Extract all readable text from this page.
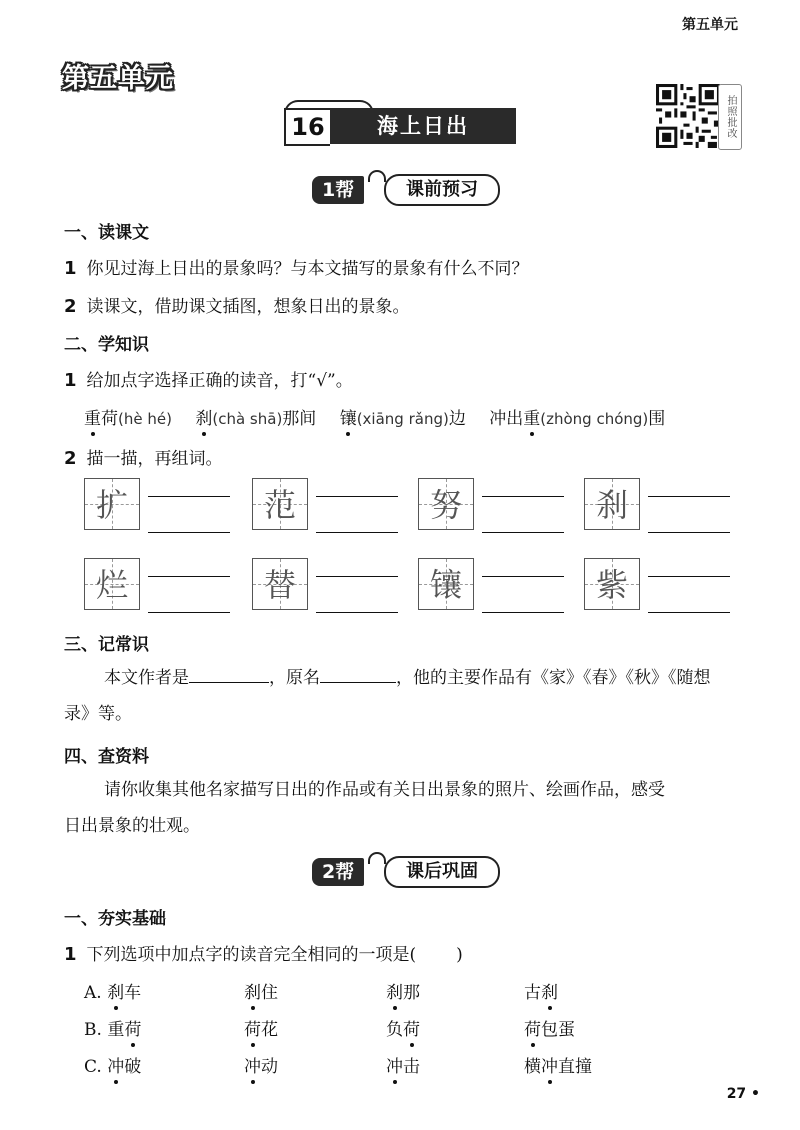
第五单元
第五单元
16	海上日出	拍照批改
1帮	课前预习
一、读课文
1 你见过海上日出的景象吗？与本文描写的景象有什么不同？
2 读课文，借助课文插图，想象日出的景象。
二、学知识
1 给加点字选择正确的读音，打“√”。
重荷(hè hé) 刹(chà shā)那间 镶(xiāng rǎng)边 冲出重(zhòng chóng)围
2 描一描，再组词。
扩	范	努	刹
烂	替	镶	紫
三、记常识
本文作者是	，原名	，他的主要作品有《家》《春》《秋》《随想
录》等。
四、查资料
请你收集其他名家描写日出的作品或有关日出景象的照片、绘画作品，感受
日出景象的壮观。
2帮	课后巩固
一、夯实基础
1 下列选项中加点字的读音完全相同的一项是( )
A. 刹车	刹住	刹那	古刹
B. 重荷	荷花	负荷	荷包蛋
C. 冲破	冲动	冲击	横冲直撞
27 •
